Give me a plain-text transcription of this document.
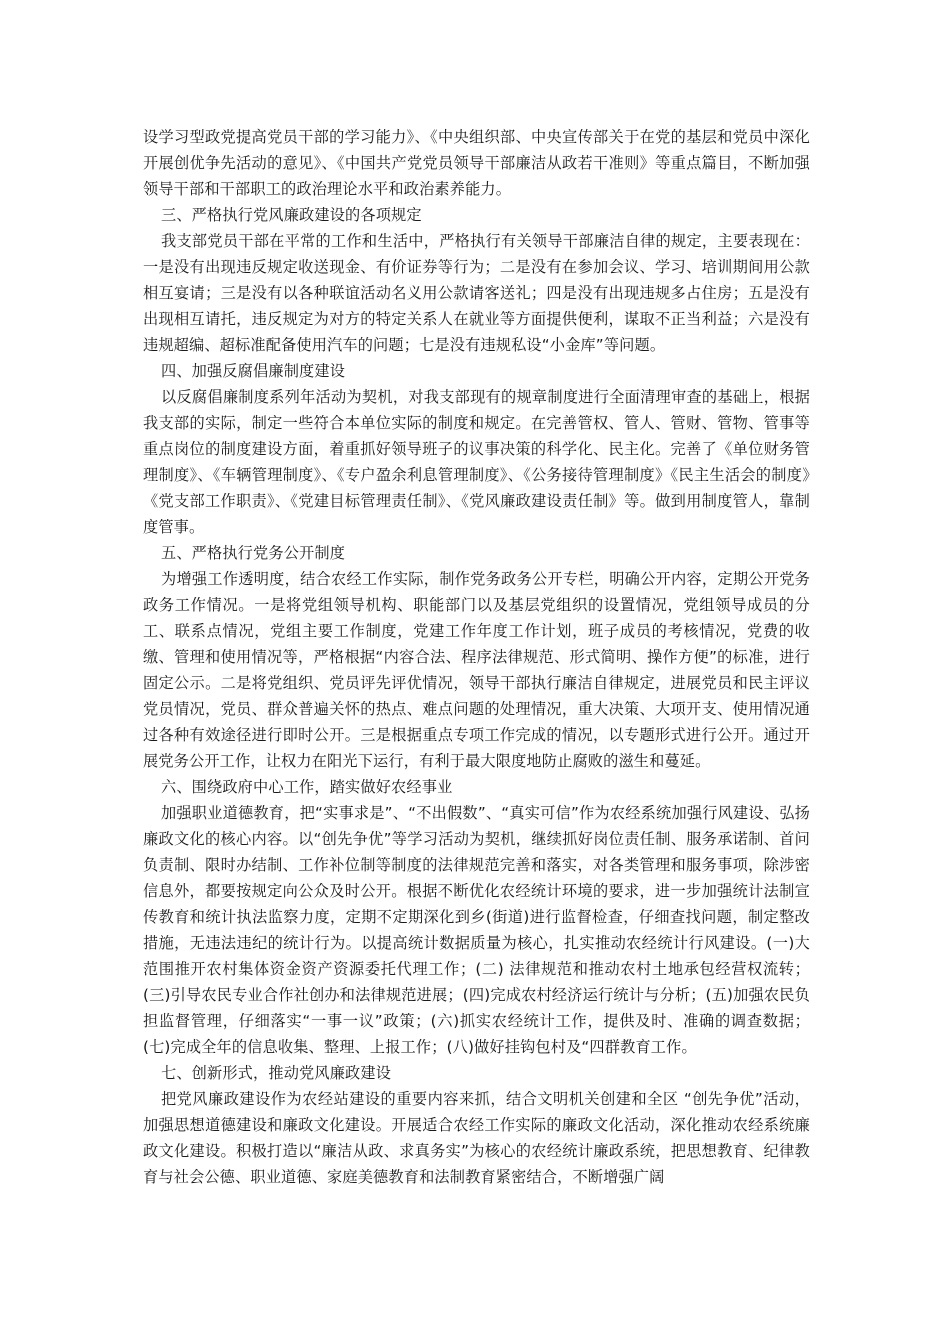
设学习型政党提高党员干部的学习能力》、《中央组织部、中央宣传部关于在党的基层和党员中深化开展创优争先活动的意见》、《中国共产党党员领导干部廉洁从政若干准则》等重点篇目，不断加强领导干部和干部职工的政治理论水平和政治素养能力。

三、严格执行党风廉政建设的各项规定

我支部党员干部在平常的工作和生活中，严格执行有关领导干部廉洁自律的规定，主要表现在：一是没有出现违反规定收送现金、有价证券等行为；二是没有在参加会议、学习、培训期间用公款相互宴请；三是没有以各种联谊活动名义用公款请客送礼；四是没有出现违规多占住房；五是没有出现相互请托，违反规定为对方的特定关系人在就业等方面提供便利，谋取不正当利益；六是没有违规超编、超标准配备使用汽车的问题；七是没有违规私设“小金库”等问题。

四、加强反腐倡廉制度建设

以反腐倡廉制度系列年活动为契机，对我支部现有的规章制度进行全面清理审查的基础上，根据我支部的实际，制定一些符合本单位实际的制度和规定。在完善管权、管人、管财、管物、管事等重点岗位的制度建设方面，着重抓好领导班子的议事决策的科学化、民主化。完善了《单位财务管理制度》、《车辆管理制度》、《专户盈余利息管理制度》、《公务接待管理制度》《民主生活会的制度》《党支部工作职责》、《党建目标管理责任制》、《党风廉政建设责任制》等。做到用制度管人，靠制度管事。

五、严格执行党务公开制度

为增强工作透明度，结合农经工作实际，制作党务政务公开专栏，明确公开内容，定期公开党务政务工作情况。一是将党组领导机构、职能部门以及基层党组织的设置情况，党组领导成员的分工、联系点情况，党组主要工作制度，党建工作年度工作计划，班子成员的考核情况，党费的收缴、管理和使用情况等，严格根据“内容合法、程序法律规范、形式简明、操作方便”的标准，进行固定公示。二是将党组织、党员评先评优情况，领导干部执行廉洁自律规定，进展党员和民主评议党员情况，党员、群众普遍关怀的热点、难点问题的处理情况，重大决策、大项开支、使用情况通过各种有效途径进行即时公开。三是根据重点专项工作完成的情况，以专题形式进行公开。通过开展党务公开工作，让权力在阳光下运行，有利于最大限度地防止腐败的滋生和蔓延。

六、围绕政府中心工作，踏实做好农经事业

加强职业道德教育，把“实事求是”、“不出假数”、“真实可信”作为农经系统加强行风建设、弘扬廉政文化的核心内容。以“创先争优”等学习活动为契机，继续抓好岗位责任制、服务承诺制、首问负责制、限时办结制、工作补位制等制度的法律规范完善和落实，对各类管理和服务事项，除涉密信息外，都要按规定向公众及时公开。根据不断优化农经统计环境的要求，进一步加强统计法制宣传教育和统计执法监察力度，定期不定期深化到乡(街道)进行监督检查，仔细查找问题，制定整改措施，无违法违纪的统计行为。以提高统计数据质量为核心，扎实推动农经统计行风建设。(一)大范围推开农村集体资金资产资源委托代理工作；(二) 法律规范和推动农村土地承包经营权流转；(三)引导农民专业合作社创办和法律规范进展；(四)完成农村经济运行统计与分析；(五)加强农民负担监督管理，仔细落实“一事一议”政策；(六)抓实农经统计工作，提供及时、准确的调查数据；(七)完成全年的信息收集、整理、上报工作；(八)做好挂钩包村及“四群教育工作。

七、创新形式，推动党风廉政建设

把党风廉政建设作为农经站建设的重要内容来抓，结合文明机关创建和全区 “创先争优”活动，加强思想道德建设和廉政文化建设。开展适合农经工作实际的廉政文化活动，深化推动农经系统廉政文化建设。积极打造以“廉洁从政、求真务实”为核心的农经统计廉政系统，把思想教育、纪律教育与社会公德、职业道德、家庭美德教育和法制教育紧密结合，不断增强广阔
